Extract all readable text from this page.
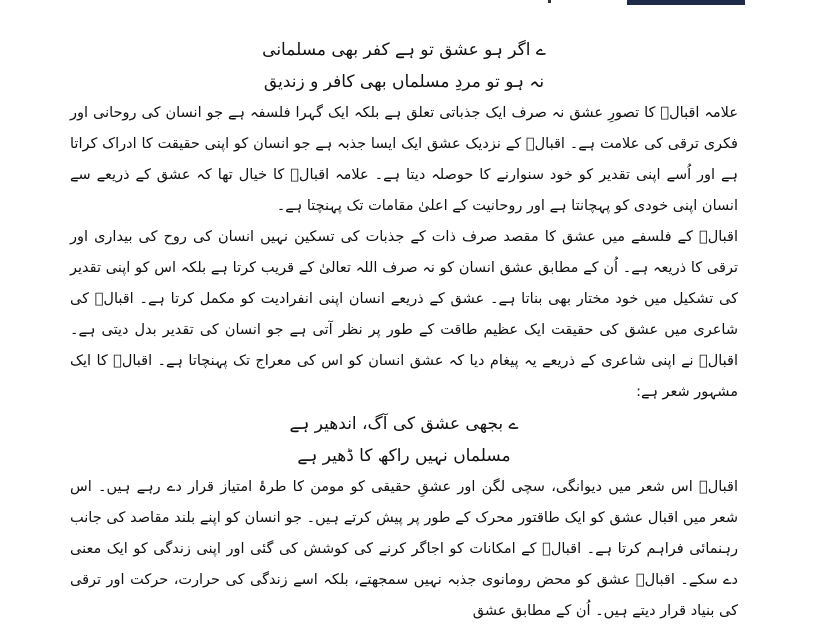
ے اگر ہو عشق تو ہے کفر بھی مسلمانی

نہ ہو تو مردِ مسلماں بھی کافر و زندیق

علامہ اقبالؒ کا تصورِ عشق نہ صرف ایک جذباتی تعلق ہے بلکہ ایک گہرا فلسفہ ہے جو انسان کی روحانی اور فکری ترقی کی علامت ہے۔ اقبالؒ کے نزدیک عشق ایک ایسا جذبہ ہے جو انسان کو اپنی حقیقت کا ادراک کراتا ہے اور اُسے اپنی تقدیر کو خود سنوارنے کا حوصلہ دیتا ہے۔ علامہ اقبالؒ کا خیال تھا کہ عشق کے ذریعے سے انسان اپنی خودی کو پہچانتا ہے اور روحانیت کے اعلیٰ مقامات تک پہنچتا ہے۔

اقبالؒ کے فلسفے میں عشق کا مقصد صرف ذات کے جذبات کی تسکین نہیں انسان کی روح کی بیداری اور ترقی کا ذریعہ ہے۔ اُن کے مطابق عشق انسان کو نہ صرف اللہ تعالیٰ کے قریب کرتا ہے بلکہ اس کو اپنی تقدیر کی تشکیل میں خود مختار بھی بناتا ہے۔ عشق کے ذریعے انسان اپنی انفرادیت کو مکمل کرتا ہے۔ اقبالؒ کی شاعری میں عشق کی حقیقت ایک عظیم طاقت کے طور پر نظر آتی ہے جو انسان کی تقدیر بدل دیتی ہے۔ اقبالؒ نے اپنی شاعری کے ذریعے یہ پیغام دیا کہ عشق انسان کو اس کی معراج تک پہنچاتا ہے۔ اقبالؒ کا ایک مشہور شعر ہے:

ے بجھی عشق کی آگ، اندھیر ہے

مسلماں نہیں راکھ کا ڈھیر ہے

اقبالؒ اس شعر میں دیوانگی، سچی لگن اور عشقِ حقیقی کو مومن کا طرۂ امتیاز قرار دے رہے ہیں۔ اس شعر میں اقبال عشق کو ایک طاقتور محرک کے طور پر پیش کرتے ہیں۔ جو انسان کو اپنے بلند مقاصد کی جانب رہنمائی فراہم کرتا ہے۔ اقبالؒ کے امکانات کو اجاگر کرنے کی کوشش کی گئی اور اپنی زندگی کو ایک معنی دے سکے۔ اقبالؒ عشق کو محض رومانوی جذبہ نہیں سمجھتے، بلکہ اسے زندگی کی حرارت، حرکت اور ترقی کی بنیاد قرار دیتے ہیں۔ اُن کے مطابق عشق
